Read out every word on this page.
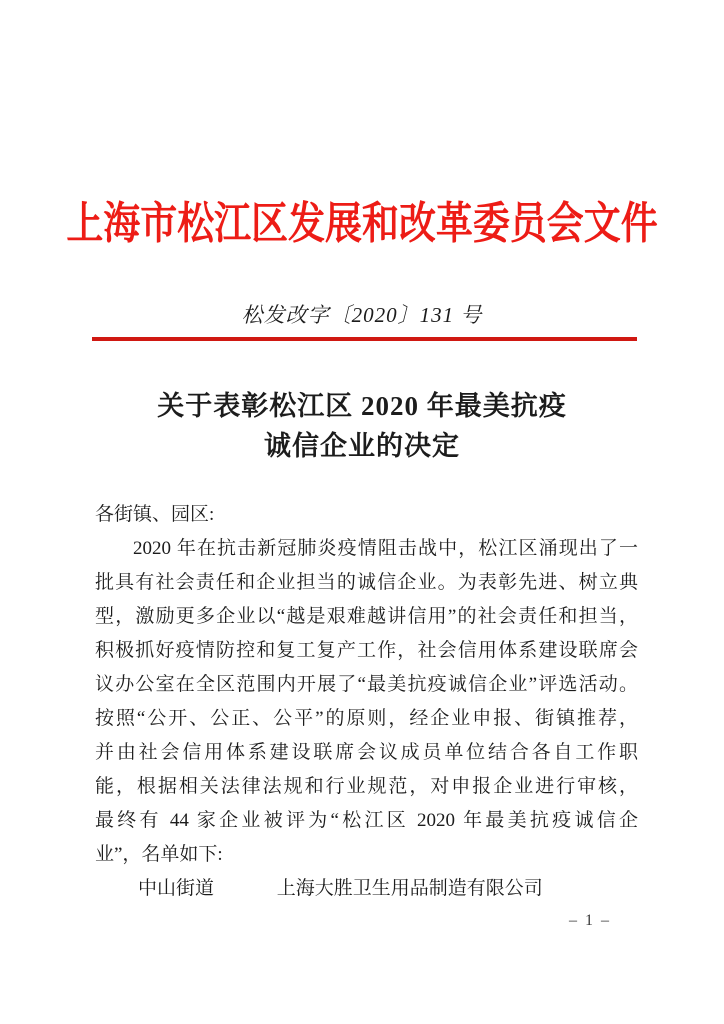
上海市松江区发展和改革委员会文件
松发改字〔2020〕131 号
关于表彰松江区 2020 年最美抗疫
诚信企业的决定
各街镇、园区:
2020 年在抗击新冠肺炎疫情阻击战中，松江区涌现出了一
批具有社会责任和企业担当的诚信企业。为表彰先进、树立典
型，激励更多企业以“越是艰难越讲信用”的社会责任和担当，
积极抓好疫情防控和复工复产工作，社会信用体系建设联席会
议办公室在全区范围内开展了“最美抗疫诚信企业”评选活动。
按照“公开、公正、公平”的原则，经企业申报、街镇推荐，
并由社会信用体系建设联席会议成员单位结合各自工作职
能，根据相关法律法规和行业规范，对申报企业进行审核，
最终有 44 家企业被评为“松江区 2020 年最美抗疫诚信企
业”，名单如下:
中山街道	上海大胜卫生用品制造有限公司
– 1 –
